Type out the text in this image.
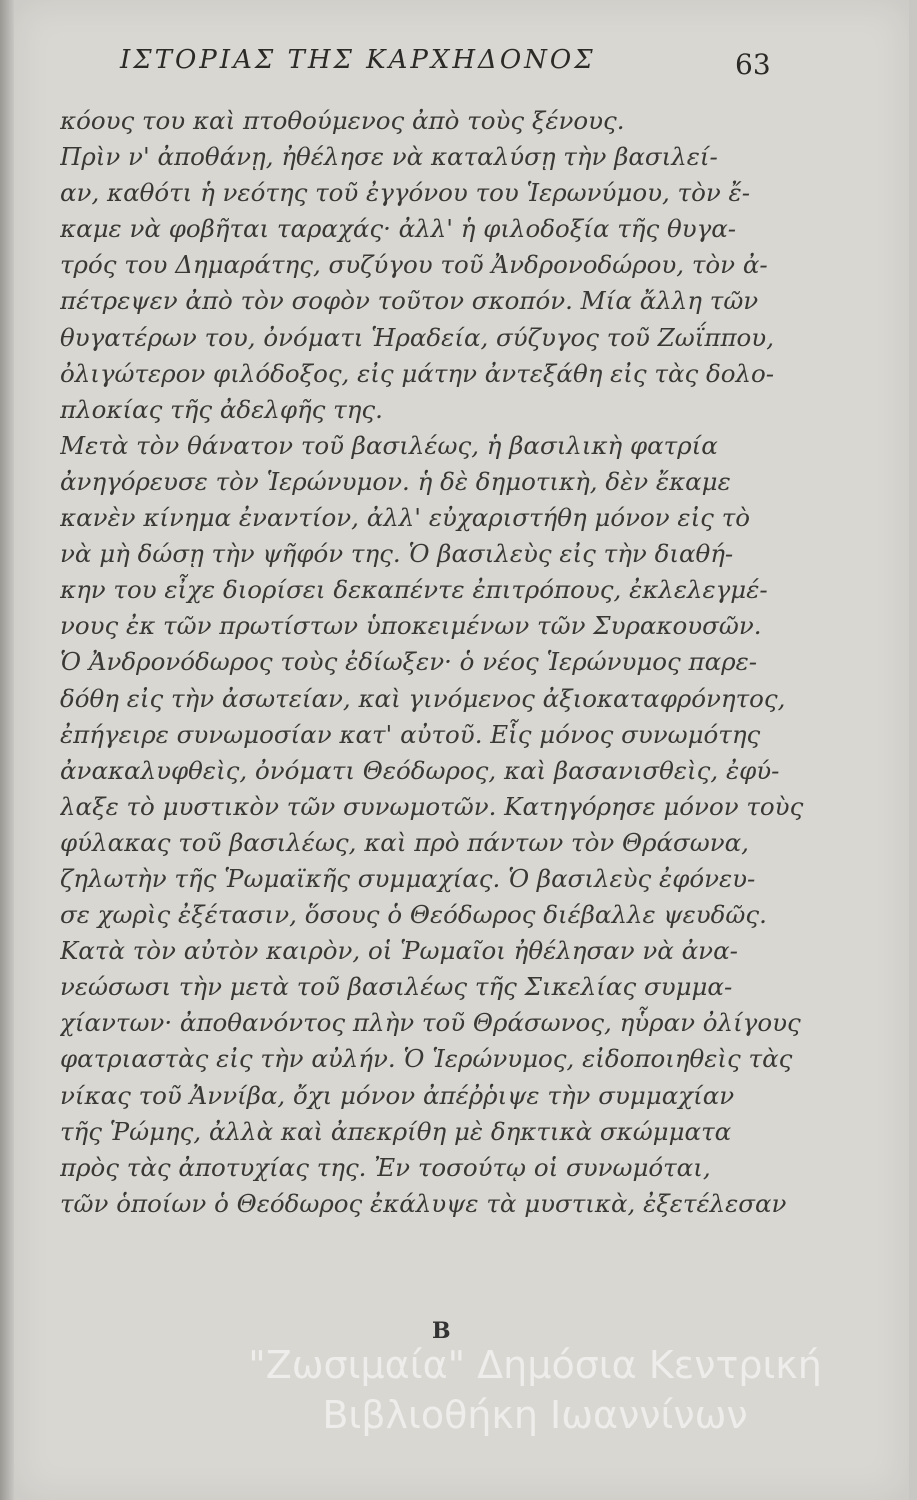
ΙΣΤΟΡΙΑΣ ΤΗΣ ΚΑΡΧΗΔΟΝΟΣ	63

κόους του καὶ πτοθούμενος ἀπὸ τοὺς ξένους.
Πρὶν ν' ἀποθάνῃ, ἠθέλησε νὰ καταλύσῃ τὴν βασιλεί-
αν, καθότι ἡ νεότης τοῦ ἐγγόνου του Ἱερωνύμου, τὸν ἔ-
καμε νὰ φοβῆται ταραχάς· ἀλλ' ἡ φιλοδοξία τῆς θυγα-
τρός του Δημαράτης, συζύγου τοῦ Ἀνδρονοδώρου, τὸν ἀ-
πέτρεψεν ἀπὸ τὸν σοφὸν τοῦτον σκοπόν. Μία ἄλλη τῶν
θυγατέρων του, ὀνόματι Ἡραδεία, σύζυγος τοῦ Ζωΐππου,
ὀλιγώτερον φιλόδοξος, εἰς μάτην ἀντεξάθη εἰς τὰς δολο-
πλοκίας τῆς ἀδελφῆς της.
Μετὰ τὸν θάνατον τοῦ βασιλέως, ἡ βασιλικὴ φατρία
ἀνηγόρευσε τὸν Ἱερώνυμον. ἡ δὲ δημοτικὴ, δὲν ἔκαμε
κανὲν κίνημα ἐναντίον, ἀλλ' εὐχαριστήθη μόνον εἰς τὸ
νὰ μὴ δώσῃ τὴν ψῆφόν της. Ὁ βασιλεὺς εἰς τὴν διαθή-
κην του εἶχε διορίσει δεκαπέντε ἐπιτρόπους, ἐκλελεγμέ-
νους ἐκ τῶν πρωτίστων ὑποκειμένων τῶν Συρακουσῶν.
Ὁ Ἀνδρονόδωρος τοὺς ἐδίωξεν· ὁ νέος Ἱερώνυμος παρε-
δόθη εἰς τὴν ἀσωτείαν, καὶ γινόμενος ἀξιοκαταφρόνητος,
ἐπήγειρε συνωμοσίαν κατ' αὐτοῦ. Εἷς μόνος συνωμότης
ἀνακαλυφθεὶς, ὀνόματι Θεόδωρος, καὶ βασανισθεὶς, ἐφύ-
λαξε τὸ μυστικὸν τῶν συνωμοτῶν. Κατηγόρησε μόνον τοὺς
φύλακας τοῦ βασιλέως, καὶ πρὸ πάντων τὸν Θράσωνα,
ζηλωτὴν τῆς Ῥωμαϊκῆς συμμαχίας. Ὁ βασιλεὺς ἐφόνευ-
σε χωρὶς ἐξέτασιν, ὅσους ὁ Θεόδωρος διέβαλλε ψευδῶς.
Κατὰ τὸν αὐτὸν καιρὸν, οἱ Ῥωμαῖοι ἠθέλησαν νὰ ἀνα-
νεώσωσι τὴν μετὰ τοῦ βασιλέως τῆς Σικελίας συμμα-
χίαντων· ἀποθανόντος πλὴν τοῦ Θράσωνος, ηὗραν ὀλίγους
φατριαστὰς εἰς τὴν αὐλήν. Ὁ Ἱερώνυμος, εἰδοποιηθεὶς τὰς
νίκας τοῦ Ἀννίβα, ὄχι μόνον ἀπέῤῥιψε τὴν συμμαχίαν
τῆς Ῥώμης, ἀλλὰ καὶ ἀπεκρίθη μὲ δηκτικὰ σκώμματα
πρὸς τὰς ἀποτυχίας της. Ἐν τοσούτῳ οἱ συνωμόται,
τῶν ὁποίων ὁ Θεόδωρος ἐκάλυψε τὰ μυστικὰ, ἐξετέλεσαν

Β
"Ζωσιμαία" Δημόσια Κεντρική
Βιβλιοθήκη Ιωαννίνων
